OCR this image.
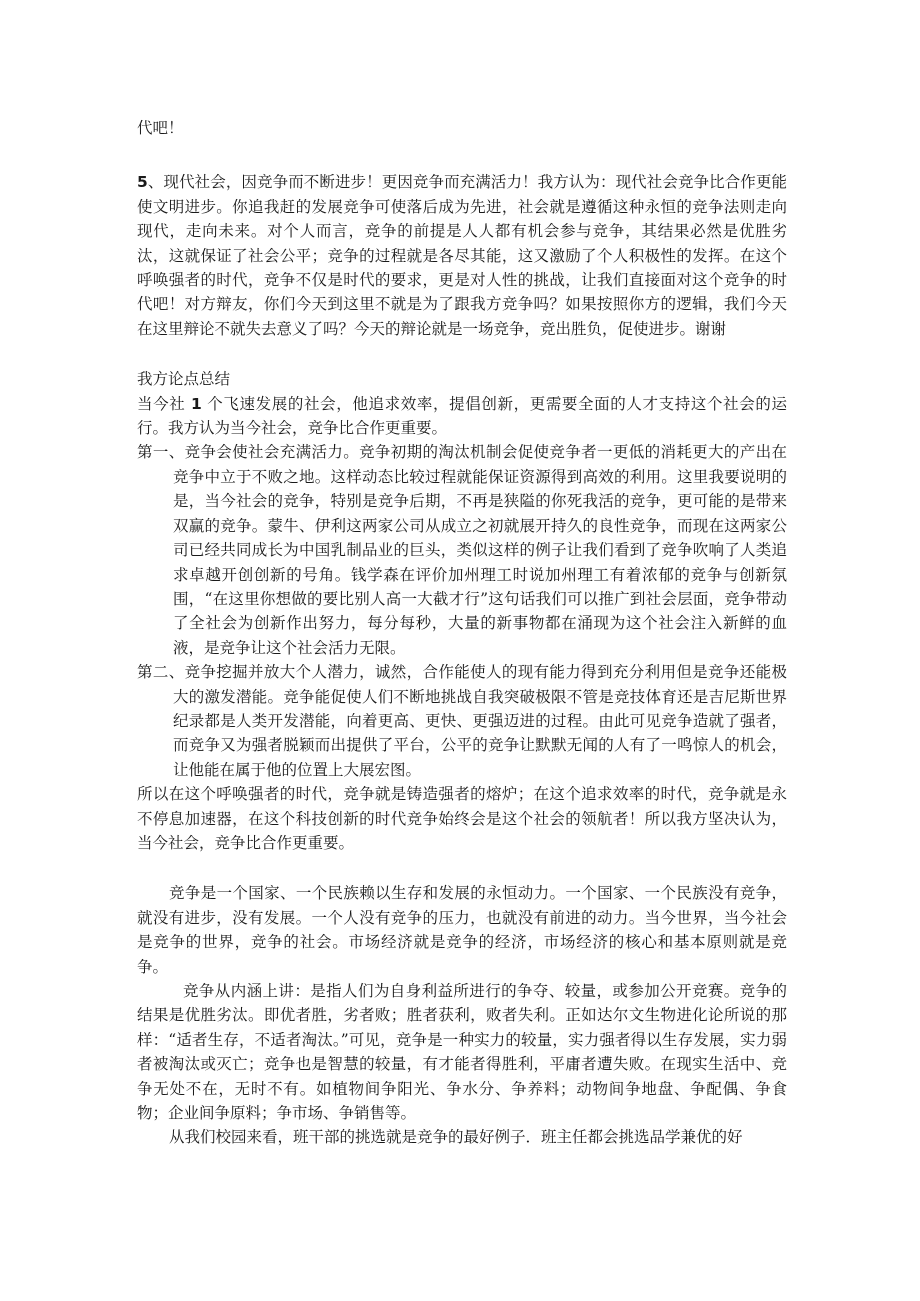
代吧！

5、现代社会，因竞争而不断进步！更因竞争而充满活力！我方认为：现代社会竞争比合作更能使文明进步。你追我赶的发展竞争可使落后成为先进，社会就是遵循这种永恒的竞争法则走向现代，走向未来。对个人而言，竞争的前提是人人都有机会参与竞争，其结果必然是优胜劣汰，这就保证了社会公平；竞争的过程就是各尽其能，这又激励了个人积极性的发挥。在这个呼唤强者的时代，竞争不仅是时代的要求，更是对人性的挑战，让我们直接面对这个竞争的时代吧！对方辩友，你们今天到这里不就是为了跟我方竞争吗？如果按照你方的逻辑，我们今天在这里辩论不就失去意义了吗？今天的辩论就是一场竞争，竞出胜负，促使进步。谢谢

我方论点总结

当今社 1 个飞速发展的社会，他追求效率，提倡创新，更需要全面的人才支持这个社会的运行。我方认为当今社会，竞争比合作更重要。

第一、竞争会使社会充满活力。竞争初期的淘汰机制会促使竞争者一更低的消耗更大的产出在竞争中立于不败之地。这样动态比较过程就能保证资源得到高效的利用。这里我要说明的是，当今社会的竞争，特别是竞争后期，不再是狭隘的你死我活的竞争，更可能的是带来双赢的竞争。蒙牛、伊利这两家公司从成立之初就展开持久的良性竞争，而现在这两家公司已经共同成长为中国乳制品业的巨头，类似这样的例子让我们看到了竞争吹响了人类追求卓越开创创新的号角。钱学森在评价加州理工时说加州理工有着浓郁的竞争与创新氛围，“在这里你想做的要比别人高一大截才行”这句话我们可以推广到社会层面，竞争带动了全社会为创新作出努力，每分每秒，大量的新事物都在涌现为这个社会注入新鲜的血液，是竞争让这个社会活力无限。

第二、竞争挖掘并放大个人潜力，诚然，合作能使人的现有能力得到充分利用但是竞争还能极大的激发潜能。竞争能促使人们不断地挑战自我突破极限不管是竞技体育还是吉尼斯世界纪录都是人类开发潜能，向着更高、更快、更强迈进的过程。由此可见竞争造就了强者，而竞争又为强者脱颖而出提供了平台，公平的竞争让默默无闻的人有了一鸣惊人的机会，让他能在属于他的位置上大展宏图。

所以在这个呼唤强者的时代，竞争就是铸造强者的熔炉；在这个追求效率的时代，竞争就是永不停息加速器，在这个科技创新的时代竞争始终会是这个社会的领航者！所以我方坚决认为，当今社会，竞争比合作更重要。

竞争是一个国家、一个民族赖以生存和发展的永恒动力。一个国家、一个民族没有竞争，就没有进步，没有发展。一个人没有竞争的压力，也就没有前进的动力。当今世界，当今社会是竞争的世界，竞争的社会。市场经济就是竞争的经济，市场经济的核心和基本原则就是竞争。

竞争从内涵上讲：是指人们为自身利益所进行的争夺、较量，或参加公开竞赛。竞争的结果是优胜劣汰。即优者胜，劣者败；胜者获利，败者失利。正如达尔文生物进化论所说的那样：“适者生存，不适者淘汰。”可见，竞争是一种实力的较量，实力强者得以生存发展，实力弱者被淘汰或灭亡；竞争也是智慧的较量，有才能者得胜利，平庸者遭失败。在现实生活中、竞争无处不在，无时不有。如植物间争阳光、争水分、争养料；动物间争地盘、争配偶、争食物；企业间争原料；争市场、争销售等。

从我们校园来看，班干部的挑选就是竞争的最好例子．班主任都会挑选品学兼优的好
